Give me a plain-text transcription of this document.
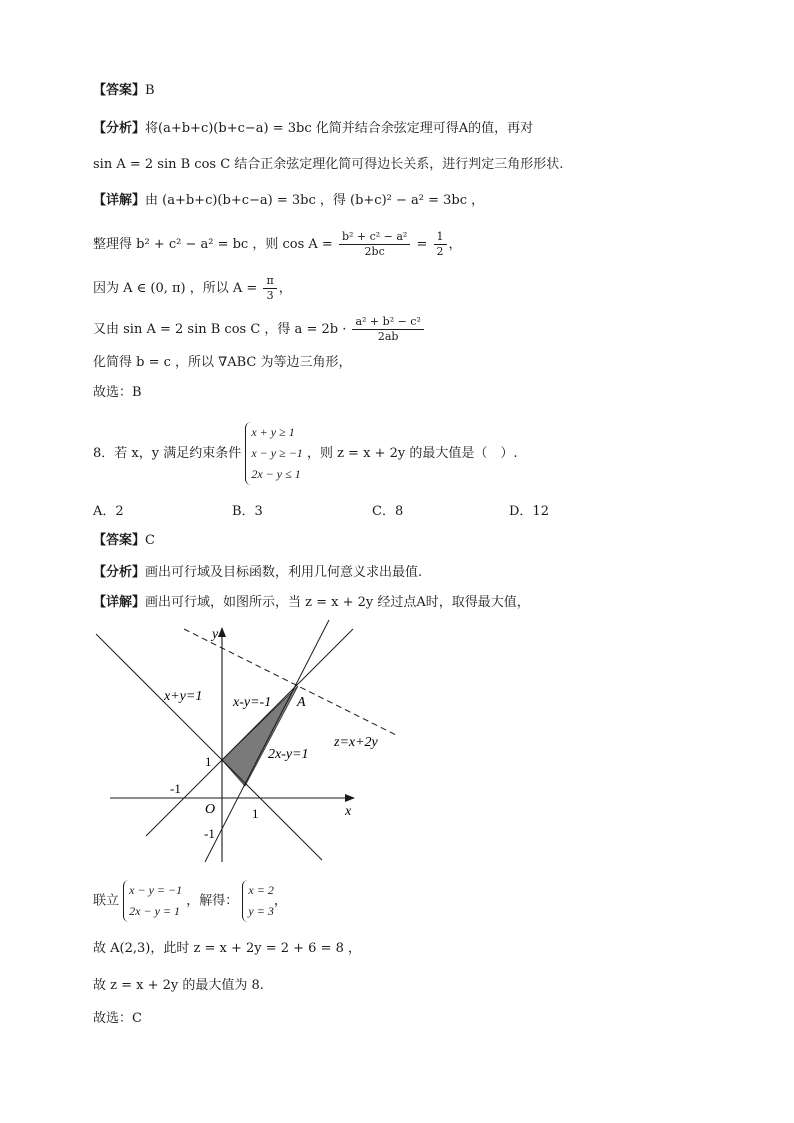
【答案】B
【分析】将(a+b+c)(b+c−a) = 3bc 化简并结合余弦定理可得A的值，再对
sin A = 2 sin B cos C 结合正余弦定理化简可得边长关系，进行判定三角形形状.
【详解】由 (a+b+c)(b+c−a) = 3bc ，得 (b+c)² − a² = 3bc ，
整理得 b² + c² − a² = bc ，则 $\cos A = \frac{\text{b² + c² − a²}}{2bc} = \frac{1}{2}$ ，
因为 A ∈ (0, π) ，所以 $A = \frac{\pi}{3}$ ，
又由 sin A = 2 sin B cos C ，得 $a = 2b \cdot \frac{\text{a² + b² − c²}}{2ab}$
化简得 b = c ，所以 ∇ABC 为等边三角形，
故选：B
8．若 x，y 满足约束条件
x + y ≥ 1
x − y ≥ −1
2x − y ≤ 1
，则 z = x + 2y 的最大值是（　）.
A．2	B．3	C．8	D．12
【答案】C
【分析】画出可行域及目标函数，利用几何意义求出最值.
【详解】画出可行域，如图所示，当 z = x + 2y 经过点A时，取得最大值，
y
x
O
x+y=1 x-y=-1
2x-y=1
z=x+2y
A
1
-1
1
-1
联立
x − y = −1
2x − y = 1
，解得：
x = 2
y = 3
，
故 A(2,3)，此时 z = x + 2y = 2 + 6 = 8 ，
故 z = x + 2y 的最大值为 8.
故选：C
